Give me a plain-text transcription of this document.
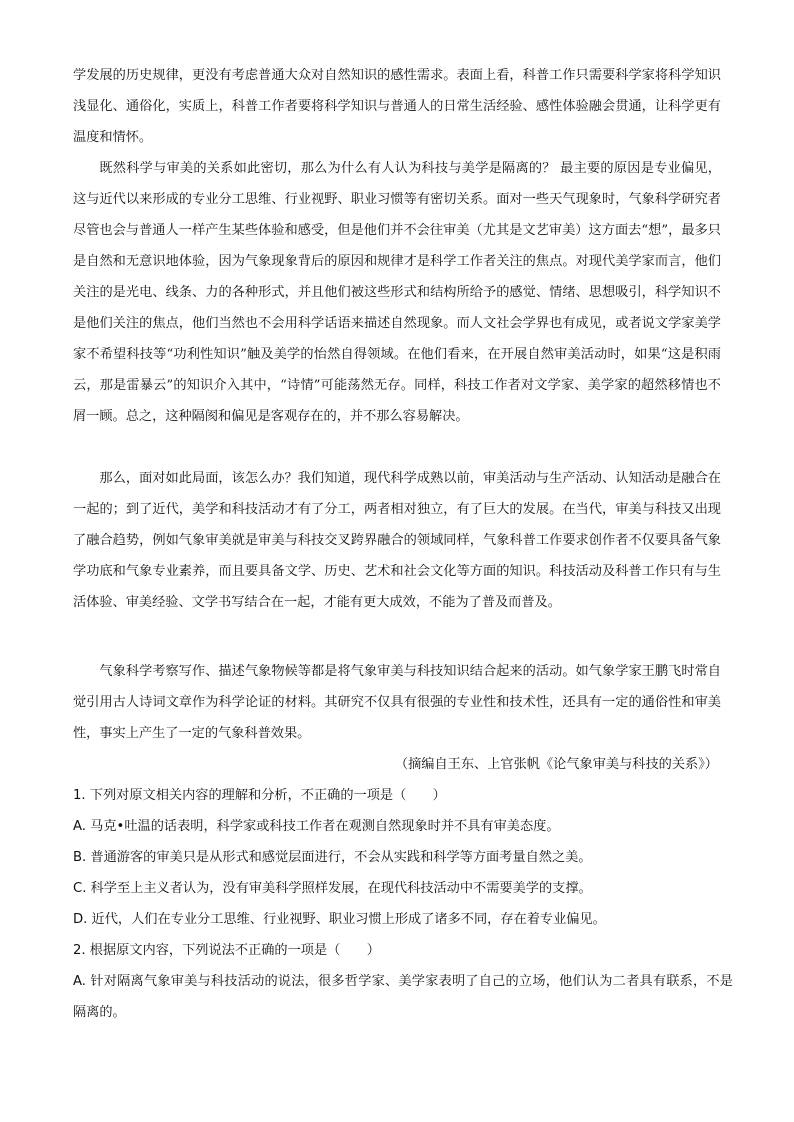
学发展的历史规律，更没有考虑普通大众对自然知识的感性需求。表面上看，科普工作只需要科学家将科学知识浅显化、通俗化，实质上，科普工作者要将科学知识与普通人的日常生活经验、感性体验融会贯通，让科学更有温度和情怀。

既然科学与审美的关系如此密切，那么为什么有人认为科技与美学是隔离的？ 最主要的原因是专业偏见，这与近代以来形成的专业分工思维、行业视野、职业习惯等有密切关系。面对一些天气现象时，气象科学研究者尽管也会与普通人一样产生某些体验和感受，但是他们并不会往审美（尤其是文艺审美）这方面去“想”，最多只是自然和无意识地体验，因为气象现象背后的原因和规律才是科学工作者关注的焦点。对现代美学家而言，他们关注的是光电、线条、力的各种形式，并且他们被这些形式和结构所给予的感觉、情绪、思想吸引，科学知识不是他们关注的焦点，他们当然也不会用科学话语来描述自然现象。而人文社会学界也有成见，或者说文学家美学家不希望科技等“功利性知识”触及美学的怡然自得领域。在他们看来，在开展自然审美活动时，如果“这是积雨云，那是雷暴云”的知识介入其中，“诗情”可能荡然无存。同样，科技工作者对文学家、美学家的超然移情也不屑一顾。总之，这种隔阂和偏见是客观存在的，并不那么容易解决。

那么，面对如此局面，该怎么办？我们知道，现代科学成熟以前，审美活动与生产活动、认知活动是融合在一起的；到了近代，美学和科技活动才有了分工，两者相对独立，有了巨大的发展。在当代，审美与科技又出现了融合趋势，例如气象审美就是审美与科技交叉跨界融合的领域同样，气象科普工作要求创作者不仅要具备气象学功底和气象专业素养，而且要具备文学、历史、艺术和社会文化等方面的知识。科技活动及科普工作只有与生活体验、审美经验、文学书写结合在一起，才能有更大成效，不能为了普及而普及。

气象科学考察写作、描述气象物候等都是将气象审美与科技知识结合起来的活动。如气象学家王鹏飞时常自觉引用古人诗词文章作为科学论证的材料。其研究不仅具有很强的专业性和技术性，还具有一定的通俗性和审美性，事实上产生了一定的气象科普效果。

（摘编自王东、上官张帆《论气象审美与科技的关系》）

1. 下列对原文相关内容的理解和分析，不正确的一项是（　　）

A. 马克•吐温的话表明，科学家或科技工作者在观测自然现象时并不具有审美态度。

B. 普通游客的审美只是从形式和感觉层面进行，不会从实践和科学等方面考量自然之美。

C. 科学至上主义者认为，没有审美科学照样发展，在现代科技活动中不需要美学的支撑。

D. 近代，人们在专业分工思维、行业视野、职业习惯上形成了诸多不同，存在着专业偏见。

2. 根据原文内容，下列说法不正确的一项是（　　）

A. 针对隔离气象审美与科技活动的说法，很多哲学家、美学家表明了自己的立场，他们认为二者具有联系，不是隔离的。
